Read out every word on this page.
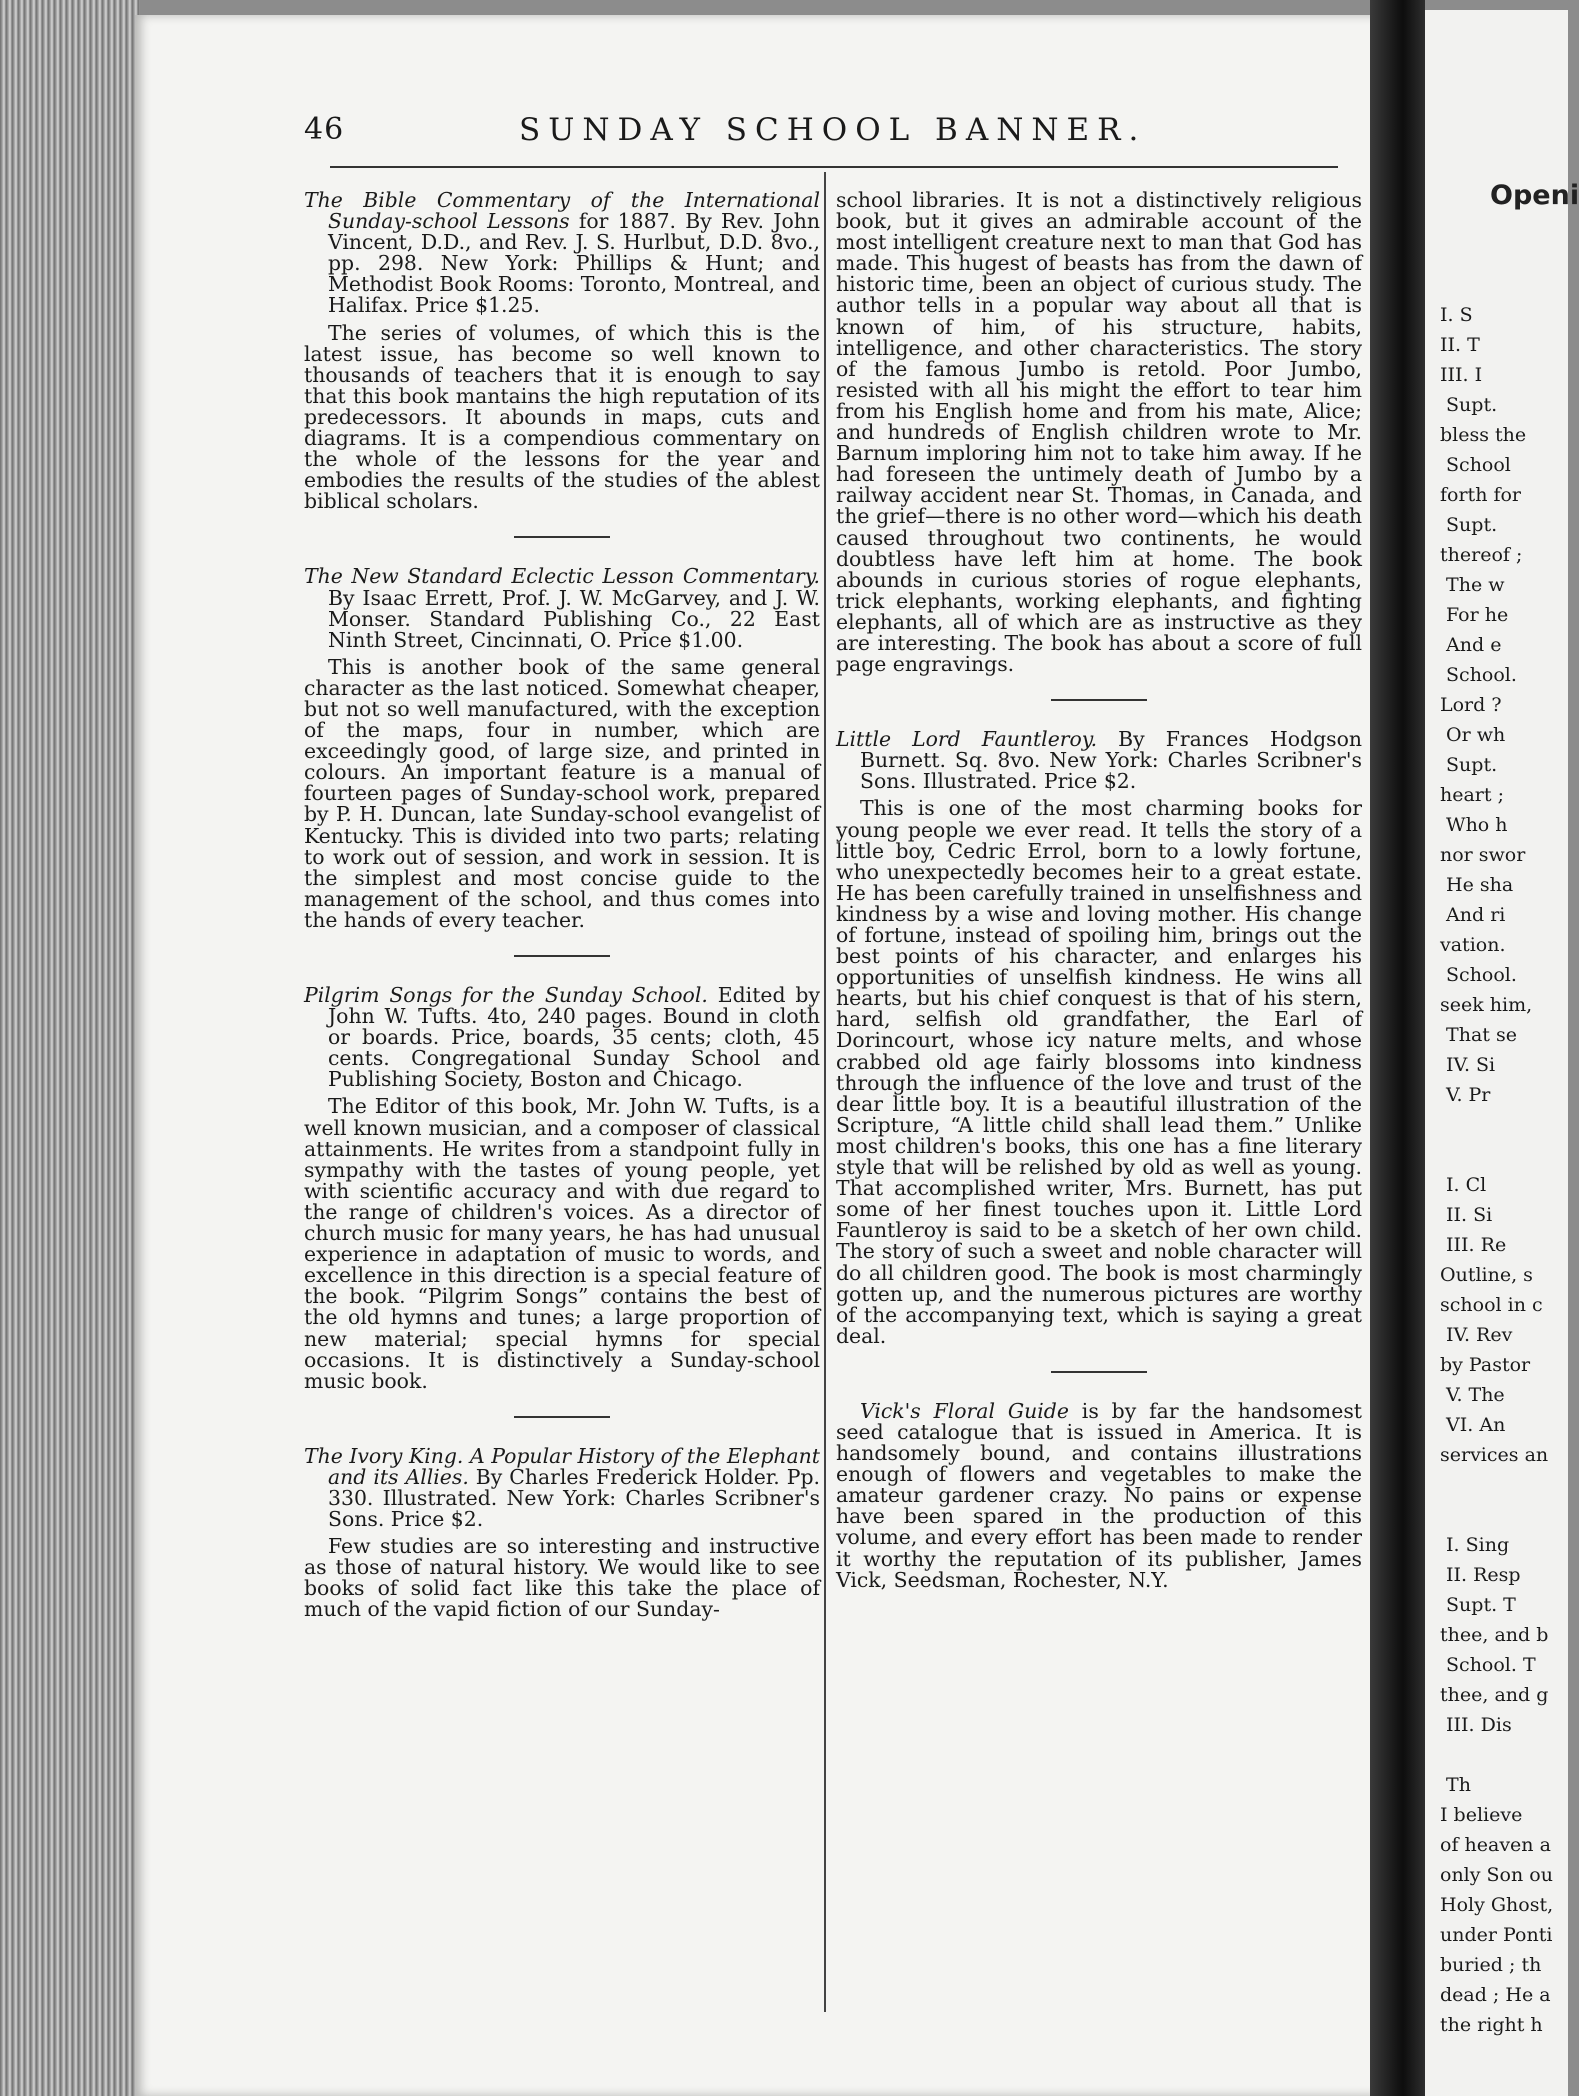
46	SUNDAY SCHOOL BANNER.

The Bible Commentary of the International Sunday-school Lessons for 1887. By Rev. John Vincent, D.D., and Rev. J. S. Hurlbut, D.D. 8vo., pp. 298. New York: Phillips & Hunt; and Methodist Book Rooms: Toronto, Montreal, and Halifax. Price $1.25.

The series of volumes, of which this is the latest issue, has become so well known to thousands of teachers that it is enough to say that this book mantains the high reputation of its predecessors. It abounds in maps, cuts and diagrams. It is a compendious commentary on the whole of the lessons for the year and embodies the results of the studies of the ablest biblical scholars.

The New Standard Eclectic Lesson Commentary. By Isaac Errett, Prof. J. W. McGarvey, and J. W. Monser. Standard Publishing Co., 22 East Ninth Street, Cincinnati, O. Price $1.00.

This is another book of the same general character as the last noticed. Somewhat cheaper, but not so well manufactured, with the exception of the maps, four in number, which are exceedingly good, of large size, and printed in colours. An important feature is a manual of fourteen pages of Sunday-school work, prepared by P. H. Duncan, late Sunday-school evangelist of Kentucky. This is divided into two parts; relating to work out of session, and work in session. It is the simplest and most concise guide to the management of the school, and thus comes into the hands of every teacher.

Pilgrim Songs for the Sunday School. Edited by John W. Tufts. 4to, 240 pages. Bound in cloth or boards. Price, boards, 35 cents; cloth, 45 cents. Congregational Sunday School and Publishing Society, Boston and Chicago.

The Editor of this book, Mr. John W. Tufts, is a well known musician, and a composer of classical attainments. He writes from a standpoint fully in sympathy with the tastes of young people, yet with scientific accuracy and with due regard to the range of children's voices. As a director of church music for many years, he has had unusual experience in adaptation of music to words, and excellence in this direction is a special feature of the book. “Pilgrim Songs” contains the best of the old hymns and tunes; a large proportion of new material; special hymns for special occasions. It is distinctively a Sunday-school music book.

The Ivory King. A Popular History of the Elephant and its Allies. By Charles Frederick Holder. Pp. 330. Illustrated. New York: Charles Scribner's Sons. Price $2.

Few studies are so interesting and instructive as those of natural history. We would like to see books of solid fact like this take the place of much of the vapid fiction of our Sunday-

school libraries. It is not a distinctively religious book, but it gives an admirable account of the most intelligent creature next to man that God has made. This hugest of beasts has from the dawn of historic time, been an object of curious study. The author tells in a popular way about all that is known of him, of his structure, habits, intelligence, and other characteristics. The story of the famous Jumbo is retold. Poor Jumbo, resisted with all his might the effort to tear him from his English home and from his mate, Alice; and hundreds of English children wrote to Mr. Barnum imploring him not to take him away. If he had foreseen the untimely death of Jumbo by a railway accident near St. Thomas, in Canada, and the grief—there is no other word—which his death caused throughout two continents, he would doubtless have left him at home. The book abounds in curious stories of rogue elephants, trick elephants, working elephants, and fighting elephants, all of which are as instructive as they are interesting. The book has about a score of full page engravings.

Little Lord Fauntleroy. By Frances Hodgson Burnett. Sq. 8vo. New York: Charles Scribner's Sons. Illustrated. Price $2.

This is one of the most charming books for young people we ever read. It tells the story of a little boy, Cedric Errol, born to a lowly fortune, who unexpectedly becomes heir to a great estate. He has been carefully trained in unselfishness and kindness by a wise and loving mother. His change of fortune, instead of spoiling him, brings out the best points of his character, and enlarges his opportunities of unselfish kindness. He wins all hearts, but his chief conquest is that of his stern, hard, selfish old grandfather, the Earl of Dorincourt, whose icy nature melts, and whose crabbed old age fairly blossoms into kindness through the influence of the love and trust of the dear little boy. It is a beautiful illustration of the Scripture, “A little child shall lead them.” Unlike most children's books, this one has a fine literary style that will be relished by old as well as young. That accomplished writer, Mrs. Burnett, has put some of her finest touches upon it. Little Lord Fauntleroy is said to be a sketch of her own child. The story of such a sweet and noble character will do all children good. The book is most charmingly gotten up, and the numerous pictures are worthy of the accompanying text, which is saying a great deal.

Vick's Floral Guide is by far the handsomest seed catalogue that is issued in America. It is handsomely bound, and contains illustrations enough of flowers and vegetables to make the amateur gardener crazy. No pains or expense have been spared in the production of this volume, and every effort has been made to render it worthy the reputation of its publisher, James Vick, Seedsman, Rochester, N.Y.

Openi
I. S
II. T
III. I
Supt.
bless the
School
forth for
Supt.
thereof ;
The w
For he
And e
School.
Lord ?
Or wh
Supt.
heart ;
Who h
nor swor
He sha
And ri
vation.
School.
seek him,
That se
IV. Si
V. Pr

I. Cl
II. Si
III. Re
Outline, s
school in c
IV. Rev
by Pastor
V. The
VI. An
services an

I. Sing
II. Resp
Supt. T
thee, and b
School. T
thee, and g
III. Dis

Th
I believe
of heaven a
only Son ou
Holy Ghost,
under Ponti
buried ; th
dead ; He a
the right h
